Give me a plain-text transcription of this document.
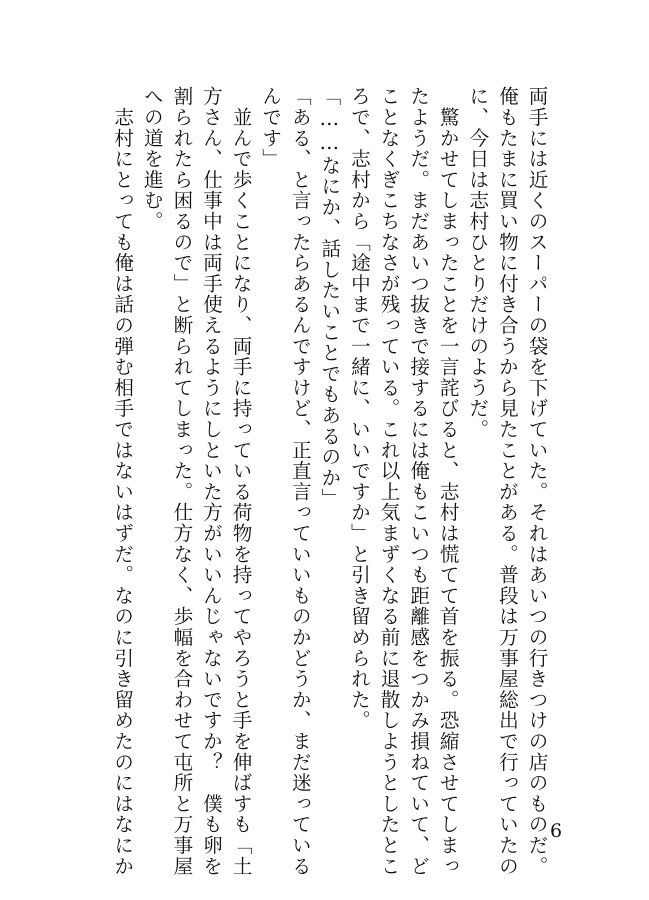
両手には近くのスーパーの袋を下げていた。それはあいつの行きつけの店のものだ。
俺もたまに買い物に付き合うから見たことがある。普段は万事屋総出で行っていたの
に、今日は志村ひとりだけのようだ。
　驚かせてしまったことを一言詫びると、志村は慌てて首を振る。恐縮させてしまっ
たようだ。まだあいつ抜きで接するには俺もこいつも距離感をつかみ損ねていて、ど
ことなくぎこちなさが残っている。これ以上気まずくなる前に退散しようとしたとこ
ろで、志村から「途中まで一緒に、いいですか」と引き留められた。
「……なにか、話したいことでもあるのか」
「ある、と言ったらあるんですけど、正直言っていいものかどうか、まだ迷っている
んです」
　並んで歩くことになり、両手に持っている荷物を持ってやろうと手を伸ばすも「土
方さん、仕事中は両手使えるようにしといた方がいいんじゃないですか？　僕も卵を
割られたら困るので」と断られてしまった。仕方なく、歩幅を合わせて屯所と万事屋
への道を進む。
　志村にとっても俺は話の弾む相手ではないはずだ。なのに引き留めたのにはなにか	6
